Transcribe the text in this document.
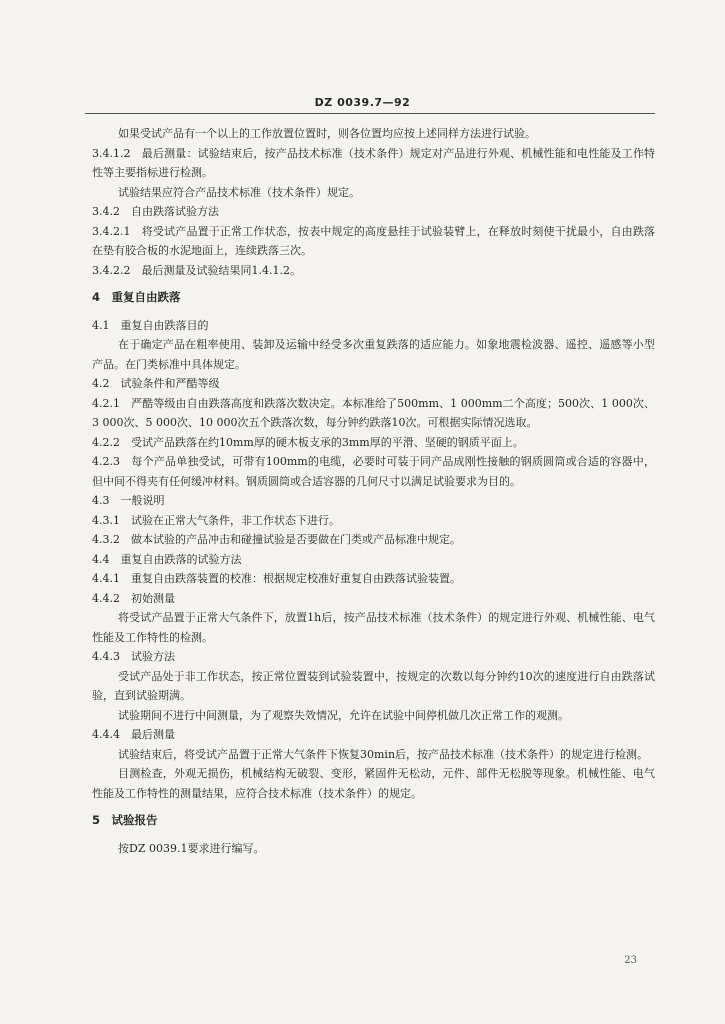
DZ 0039.7—92

如果受试产品有一个以上的工作放置位置时，则各位置均应按上述同样方法进行试验。

3.4.1.2　最后测量：试验结束后，按产品技术标准（技术条件）规定对产品进行外观、机械性能和电性能及工作特性等主要指标进行检测。

试验结果应符合产品技术标准（技术条件）规定。

3.4.2　自由跌落试验方法

3.4.2.1　将受试产品置于正常工作状态，按表中规定的高度悬挂于试验装臂上，在释放时刻使干扰最小，自由跌落在垫有胶合板的水泥地面上，连续跌落三次。

3.4.2.2　最后测量及试验结果同1.4.1.2。

4　重复自由跌落

4.1　重复自由跌落目的

在于确定产品在粗率使用、装卸及运输中经受多次重复跌落的适应能力。如象地震检波器、遥控、遥感等小型产品。在门类标准中具体规定。

4.2　试验条件和严酷等级

4.2.1　严酷等级由自由跌落高度和跌落次数决定。本标准给了500mm、1 000mm二个高度；500次、1 000次、3 000次、5 000次、10 000次五个跌落次数，每分钟约跌落10次。可根据实际情况选取。

4.2.2　受试产品跌落在约10mm厚的硬木板支承的3mm厚的平滑、坚硬的钢质平面上。

4.2.3　每个产品单独受试，可带有100mm的电缆，必要时可装于同产品成刚性接触的钢质圆筒或合适的容器中，但中间不得夹有任何缓冲材料。钢质圆筒或合适容器的几何尺寸以满足试验要求为目的。

4.3　一般说明

4.3.1　试验在正常大气条件，非工作状态下进行。

4.3.2　做本试验的产品冲击和碰撞试验是否要做在门类或产品标准中规定。

4.4　重复自由跌落的试验方法

4.4.1　重复自由跌落装置的校准：根据规定校准好重复自由跌落试验装置。

4.4.2　初始测量

将受试产品置于正常大气条件下，放置1h后，按产品技术标准（技术条件）的规定进行外观、机械性能、电气性能及工作特性的检测。

4.4.3　试验方法

受试产品处于非工作状态，按正常位置装到试验装置中，按规定的次数以每分钟约10次的速度进行自由跌落试验，直到试验期满。

试验期间不进行中间测量，为了观察失效情况，允许在试验中间停机做几次正常工作的观测。

4.4.4　最后测量

试验结束后，将受试产品置于正常大气条件下恢复30min后，按产品技术标准（技术条件）的规定进行检测。

目测检查，外观无损伤，机械结构无破裂、变形，紧固件无松动，元件、部件无松脱等现象。机械性能、电气性能及工作特性的测量结果，应符合技术标准（技术条件）的规定。

5　试验报告

按DZ 0039.1要求进行编写。

23
